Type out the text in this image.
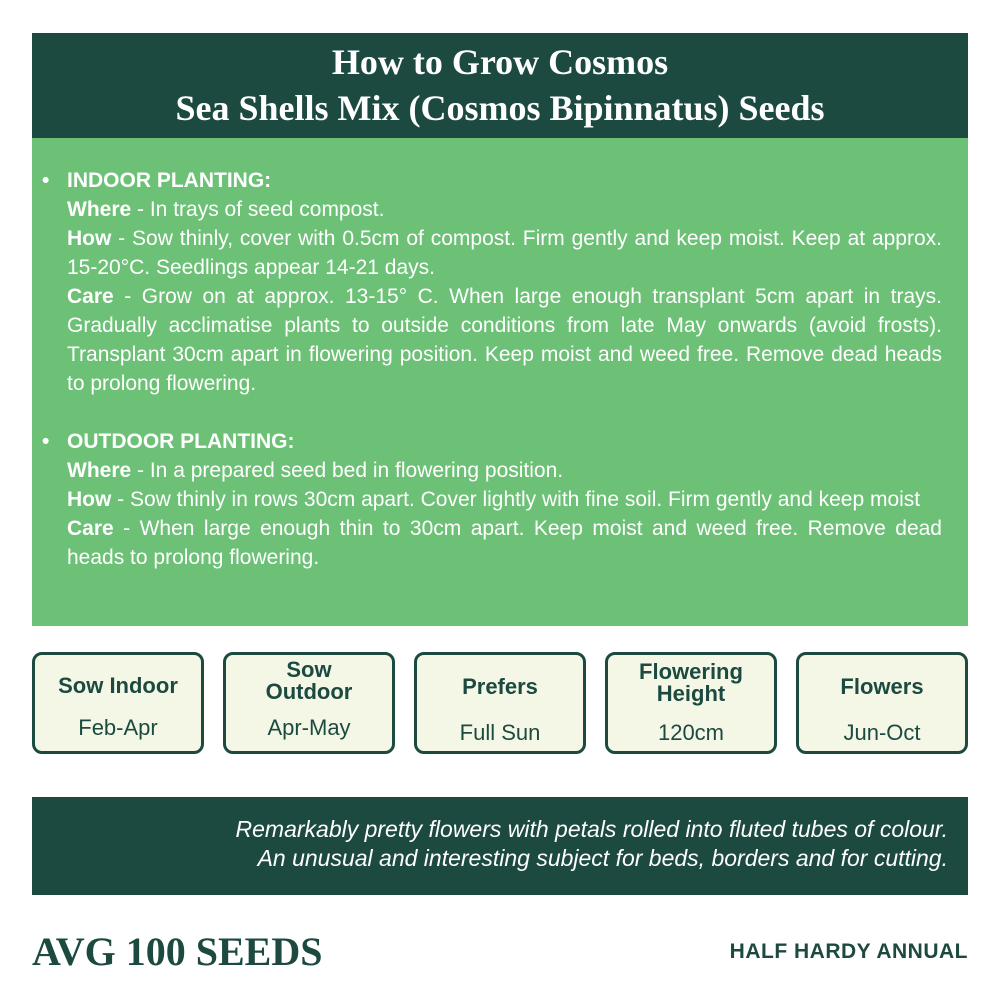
How to Grow Cosmos
Sea Shells Mix (Cosmos Bipinnatus) Seeds
• INDOOR PLANTING:
Where - In trays of seed compost.
How - Sow thinly, cover with 0.5cm of compost. Firm gently and keep moist. Keep at approx. 15-20°C. Seedlings appear 14-21 days.
Care - Grow on at approx. 13-15° C. When large enough transplant 5cm apart in trays. Gradually acclimatise plants to outside conditions from late May onwards (avoid frosts). Transplant 30cm apart in flowering position. Keep moist and weed free. Remove dead heads to prolong flowering.
• OUTDOOR PLANTING:
Where - In a prepared seed bed in flowering position.
How - Sow thinly in rows 30cm apart. Cover lightly with fine soil. Firm gently and keep moist
Care - When large enough thin to 30cm apart. Keep moist and weed free. Remove dead heads to prolong flowering.
Sow Indoor
Feb-Apr
Sow
Outdoor
Apr-May
Prefers
Full Sun
Flowering
Height
120cm
Flowers
Jun-Oct
Remarkably pretty flowers with petals rolled into fluted tubes of colour.
An unusual and interesting subject for beds, borders and for cutting.
AVG 100 SEEDS	HALF HARDY ANNUAL
